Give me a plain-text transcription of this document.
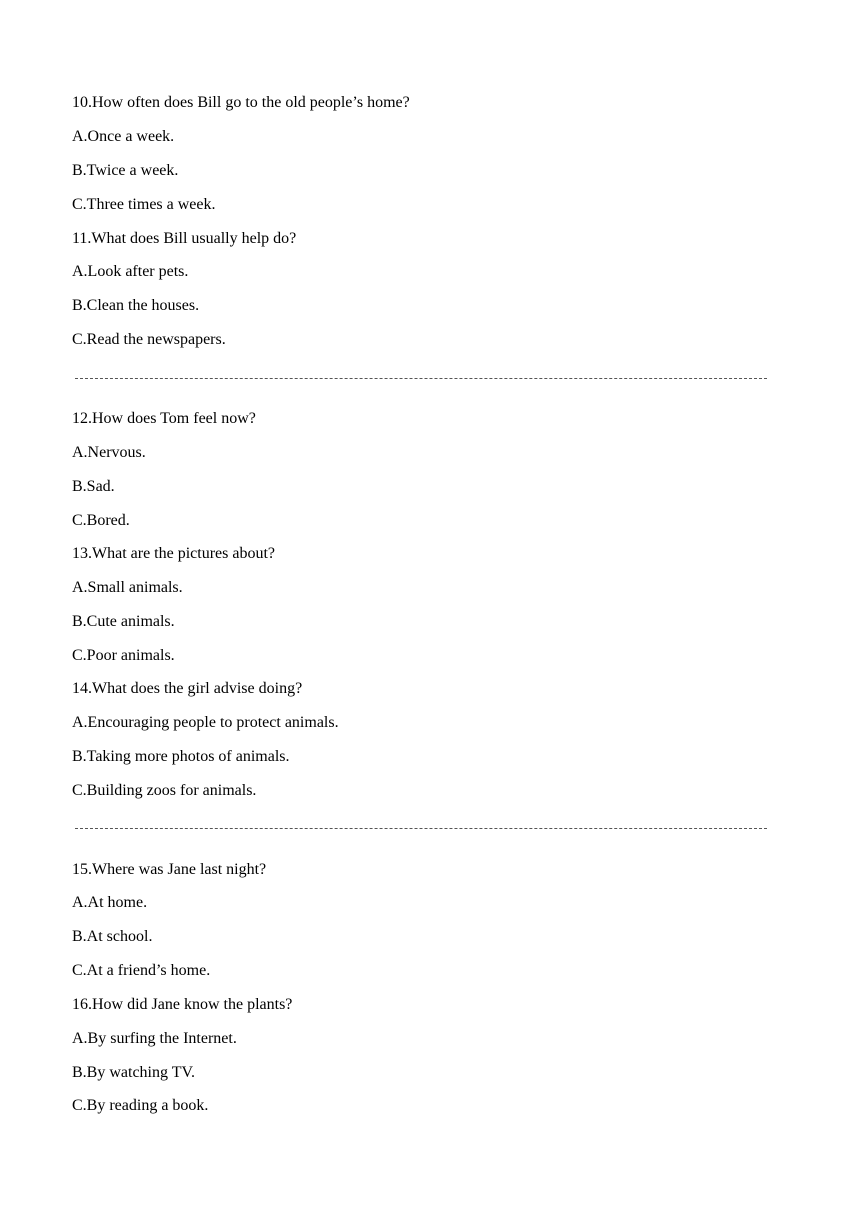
10.How often does Bill go to the old people’s home?
A.Once a week.
B.Twice a week.
C.Three times a week.
11.What does Bill usually help do?
A.Look after pets.
B.Clean the houses.
C.Read the newspapers.
12.How does Tom feel now?
A.Nervous.
B.Sad.
C.Bored.
13.What are the pictures about?
A.Small animals.
B.Cute animals.
C.Poor animals.
14.What does the girl advise doing?
A.Encouraging people to protect animals.
B.Taking more photos of animals.
C.Building zoos for animals.
15.Where was Jane last night?
A.At home.
B.At school.
C.At a friend’s home.
16.How did Jane know the plants?
A.By surfing the Internet.
B.By watching TV.
C.By reading a book.
